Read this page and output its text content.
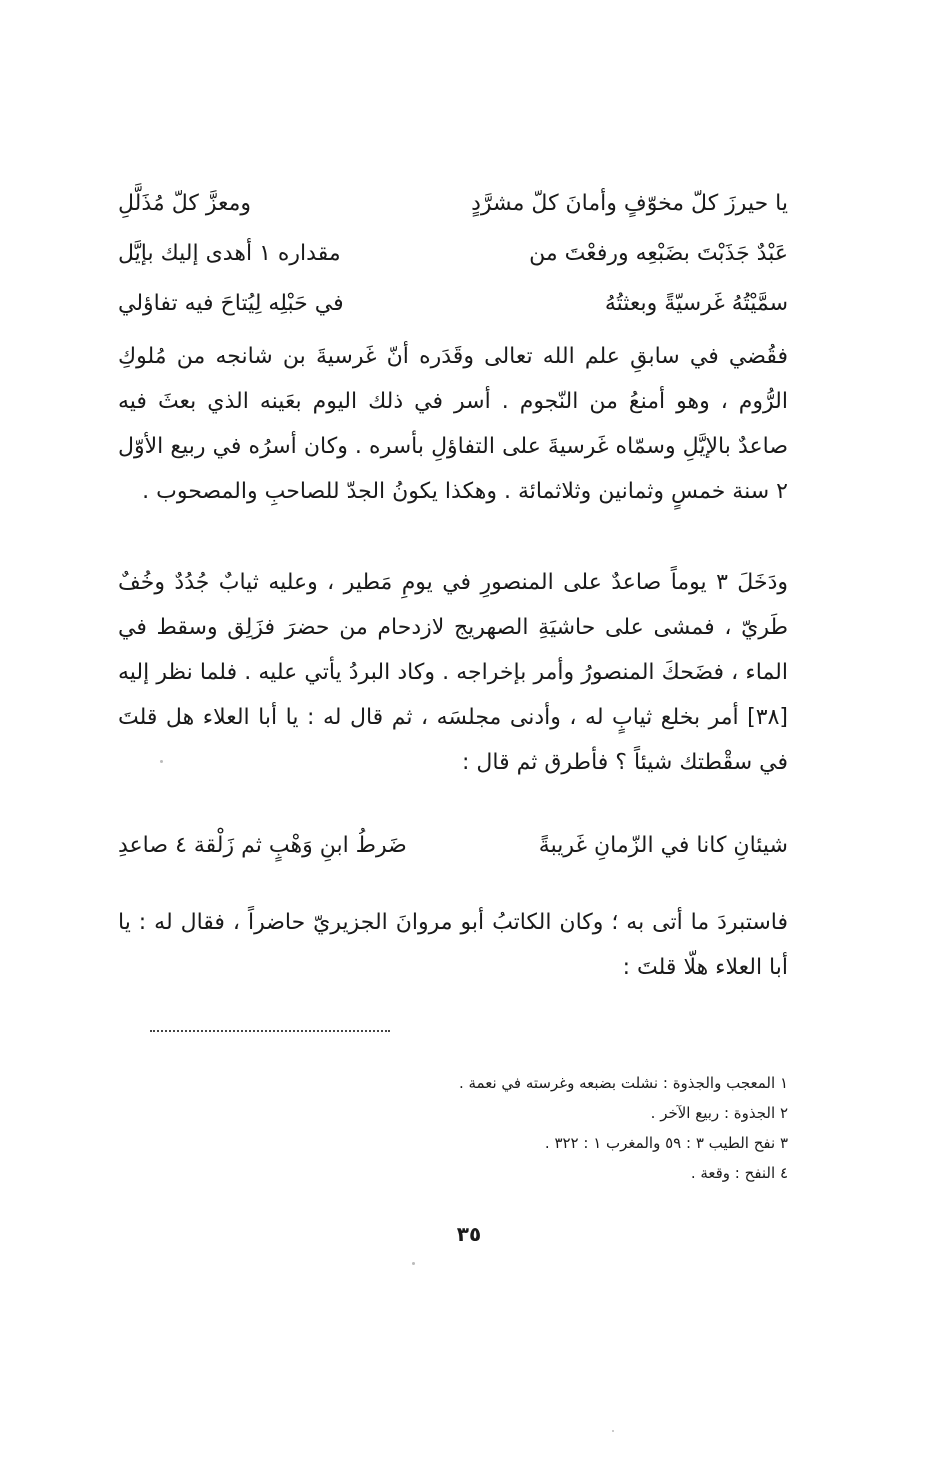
يا حيرزَ كلّ مخوّفٍ وأمانَ كلّ مشرَّدٍ
ومعزَّ كلّ مُذَلَّلِ
عَبْدٌ جَذَبْتَ بضَبْعِه ورفعْتَ من
مقداره ١ أهدى إليك بإيَّل
سمَّيْتُهُ غَرسيّةً وبعثتُهُ
في حَبْلِه لِيُتاحَ فيه تفاؤلي

فقُضي في سابقِ علم الله تعالى وقَدَره أنّ غَرسيةَ بن شانجه من مُلوكِ الرُّوم ، وهو أمنعُ من النّجوم . أسر في ذلك اليوم بعَينه الذي بعثَ فيه صاعدٌ بالإيَّلِ وسمّاه غَرسيةَ على التفاؤلِ بأسره . وكان أسرُه في ربيع الأوّل ٢ سنة خمسٍ وثمانين وثلاثمائة . وهكذا يكونُ الجدّ للصاحبِ والمصحوب .

ودَخَلَ ٣ يوماً صاعدٌ على المنصورِ في يومِ مَطير ، وعليه ثيابٌ جُدُدٌ وخُفٌ طَريّ ، فمشى على حاشيَةِ الصهريج لازدحام من حضرَ فزَلِق وسقط في الماء ، فضَحكَ المنصورُ وأمر بإخراجه . وكاد البردُ يأتي عليه . فلما نظر إليه [٣٨] أمر بخلع ثيابٍ له ، وأدنى مجلسَه ، ثم قال له : يا أبا العلاء هل قلتَ في سقْطتك شيئاً ؟ فأطرق ثم قال :

شيئانِ كانا في الزّمانِ غَريبةً
ضَرطُ ابنِ وَهْبٍ ثم زَلْقة ٤ صاعدِ

فاستبردَ ما أتى به ؛ وكان الكاتبُ أبو مروانَ الجزيريّ حاضراً ، فقال له : يا أبا العلاء هلّا قلتَ :

١ المعجب والجذوة : نشلت بضبعه وغرسته في نعمة .
٢ الجذوة : ربيع الآخر .
٣ نفح الطيب ٣ : ٥٩ والمغرب ١ : ٣٢٢ .
٤ النفح : وقعة .
٣٥
